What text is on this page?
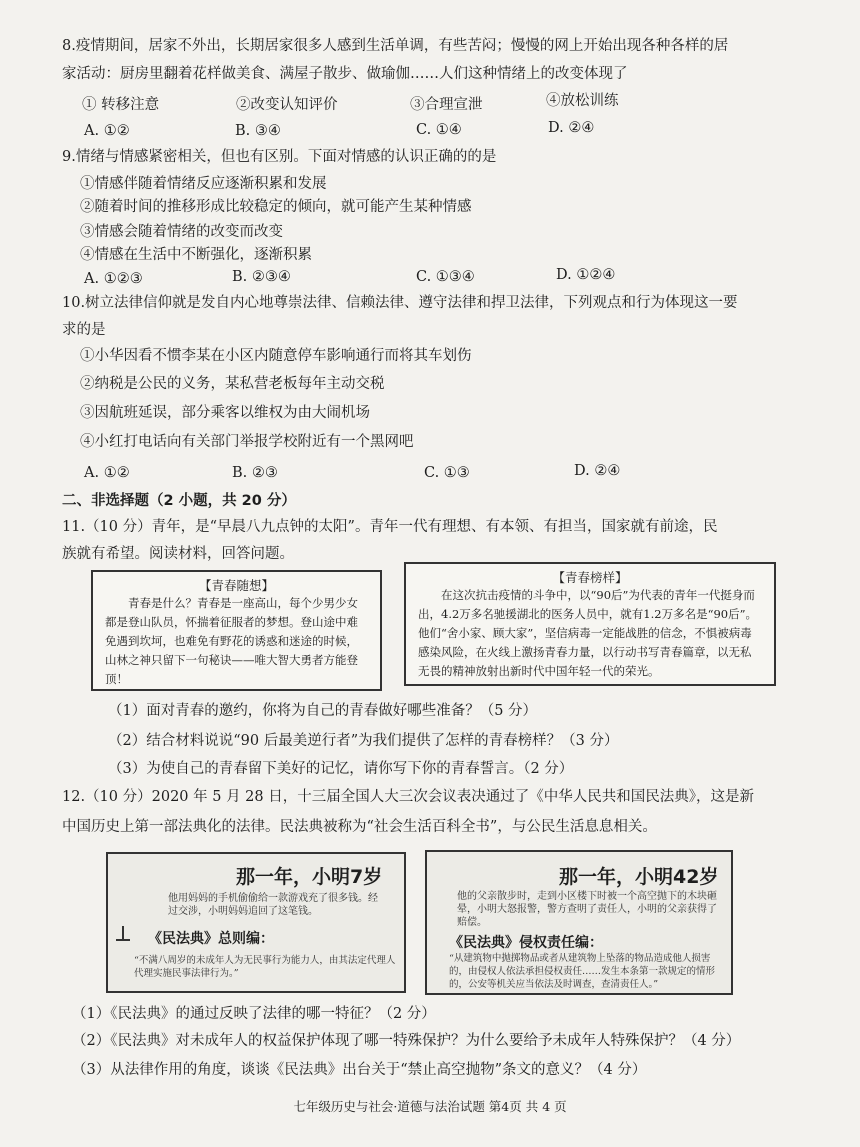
8.疫情期间，居家不外出，长期居家很多人感到生活单调，有些苦闷；慢慢的网上开始出现各种各样的居
家活动：厨房里翻着花样做美食、满屋子散步、做瑜伽……人们这种情绪上的改变体现了
① 转移注意	②改变认知评价	③合理宣泄	④放松训练
A. ①②	B. ③④	C. ①④	D. ②④
9.情绪与情感紧密相关，但也有区别。下面对情感的认识正确的的是
①情感伴随着情绪反应逐渐积累和发展
②随着时间的推移形成比较稳定的倾向，就可能产生某种情感
③情感会随着情绪的改变而改变
④情感在生活中不断强化，逐渐积累
A. ①②③	B. ②③④	C. ①③④	D. ①②④
10.树立法律信仰就是发自内心地尊崇法律、信赖法律、遵守法律和捍卫法律，下列观点和行为体现这一要
求的是
①小华因看不惯李某在小区内随意停车影响通行而将其车划伤
②纳税是公民的义务，某私营老板每年主动交税
③因航班延误，部分乘客以维权为由大闹机场
④小红打电话向有关部门举报学校附近有一个黑网吧
A. ①②	B. ②③	C. ①③	D. ②④
二、非选择题（2 小题，共 20 分）
11.（10 分）青年，是“早晨八九点钟的太阳”。青年一代有理想、有本领、有担当，国家就有前途，民
族就有希望。阅读材料，回答问题。
【青春随想】
青春是什么？青春是一座高山，每个少男少女都是登山队员，怀揣着征服者的梦想。登山途中难免遇到坎坷，也难免有野花的诱惑和迷途的时候，山林之神只留下一句秘诀——唯大智大勇者方能登顶！
【青春榜样】
在这次抗击疫情的斗争中，以“90后”为代表的青年一代挺身而出，4.2万多名驰援湖北的医务人员中，就有1.2万多名是“90后”。他们“舍小家、顾大家”，坚信病毒一定能战胜的信念，不惧被病毒感染风险，在火线上激扬青春力量，以行动书写青春篇章，以无私无畏的精神放射出新时代中国年轻一代的荣光。
（1）面对青春的邀约，你将为自己的青春做好哪些准备？（5 分）
（2）结合材料说说“90 后最美逆行者”为我们提供了怎样的青春榜样？（3 分）
（3）为使自己的青春留下美好的记忆，请你写下你的青春誓言。（2 分）
12.（10 分）2020 年 5 月 28 日，十三届全国人大三次会议表决通过了《中华人民共和国民法典》，这是新
中国历史上第一部法典化的法律。民法典被称为“社会生活百科全书”，与公民生活息息相关。
那一年，小明7岁
他用妈妈的手机偷偷给一款游戏充了很多钱。经过交涉，小明妈妈追回了这笔钱。
《民法典》总则编：
“不满八周岁的未成年人为无民事行为能力人，由其法定代理人代理实施民事法律行为。”
那一年，小明42岁
他的父亲散步时，走到小区楼下时被一个高空抛下的木块砸晕，小明大怒报警，警方查明了责任人，小明的父亲获得了赔偿。
《民法典》侵权责任编：
“从建筑物中抛掷物品或者从建筑物上坠落的物品造成他人损害的，由侵权人依法承担侵权责任……发生本条第一款规定的情形的，公安等机关应当依法及时调查，查清责任人。”
（1）《民法典》的通过反映了法律的哪一特征？（2 分）
（2）《民法典》对未成年人的权益保护体现了哪一特殊保护？为什么要给予未成年人特殊保护？（4 分）
（3）从法律作用的角度，谈谈《民法典》出台关于“禁止高空抛物”条文的意义？（4 分）
七年级历史与社会·道德与法治试题 第4页 共 4 页
